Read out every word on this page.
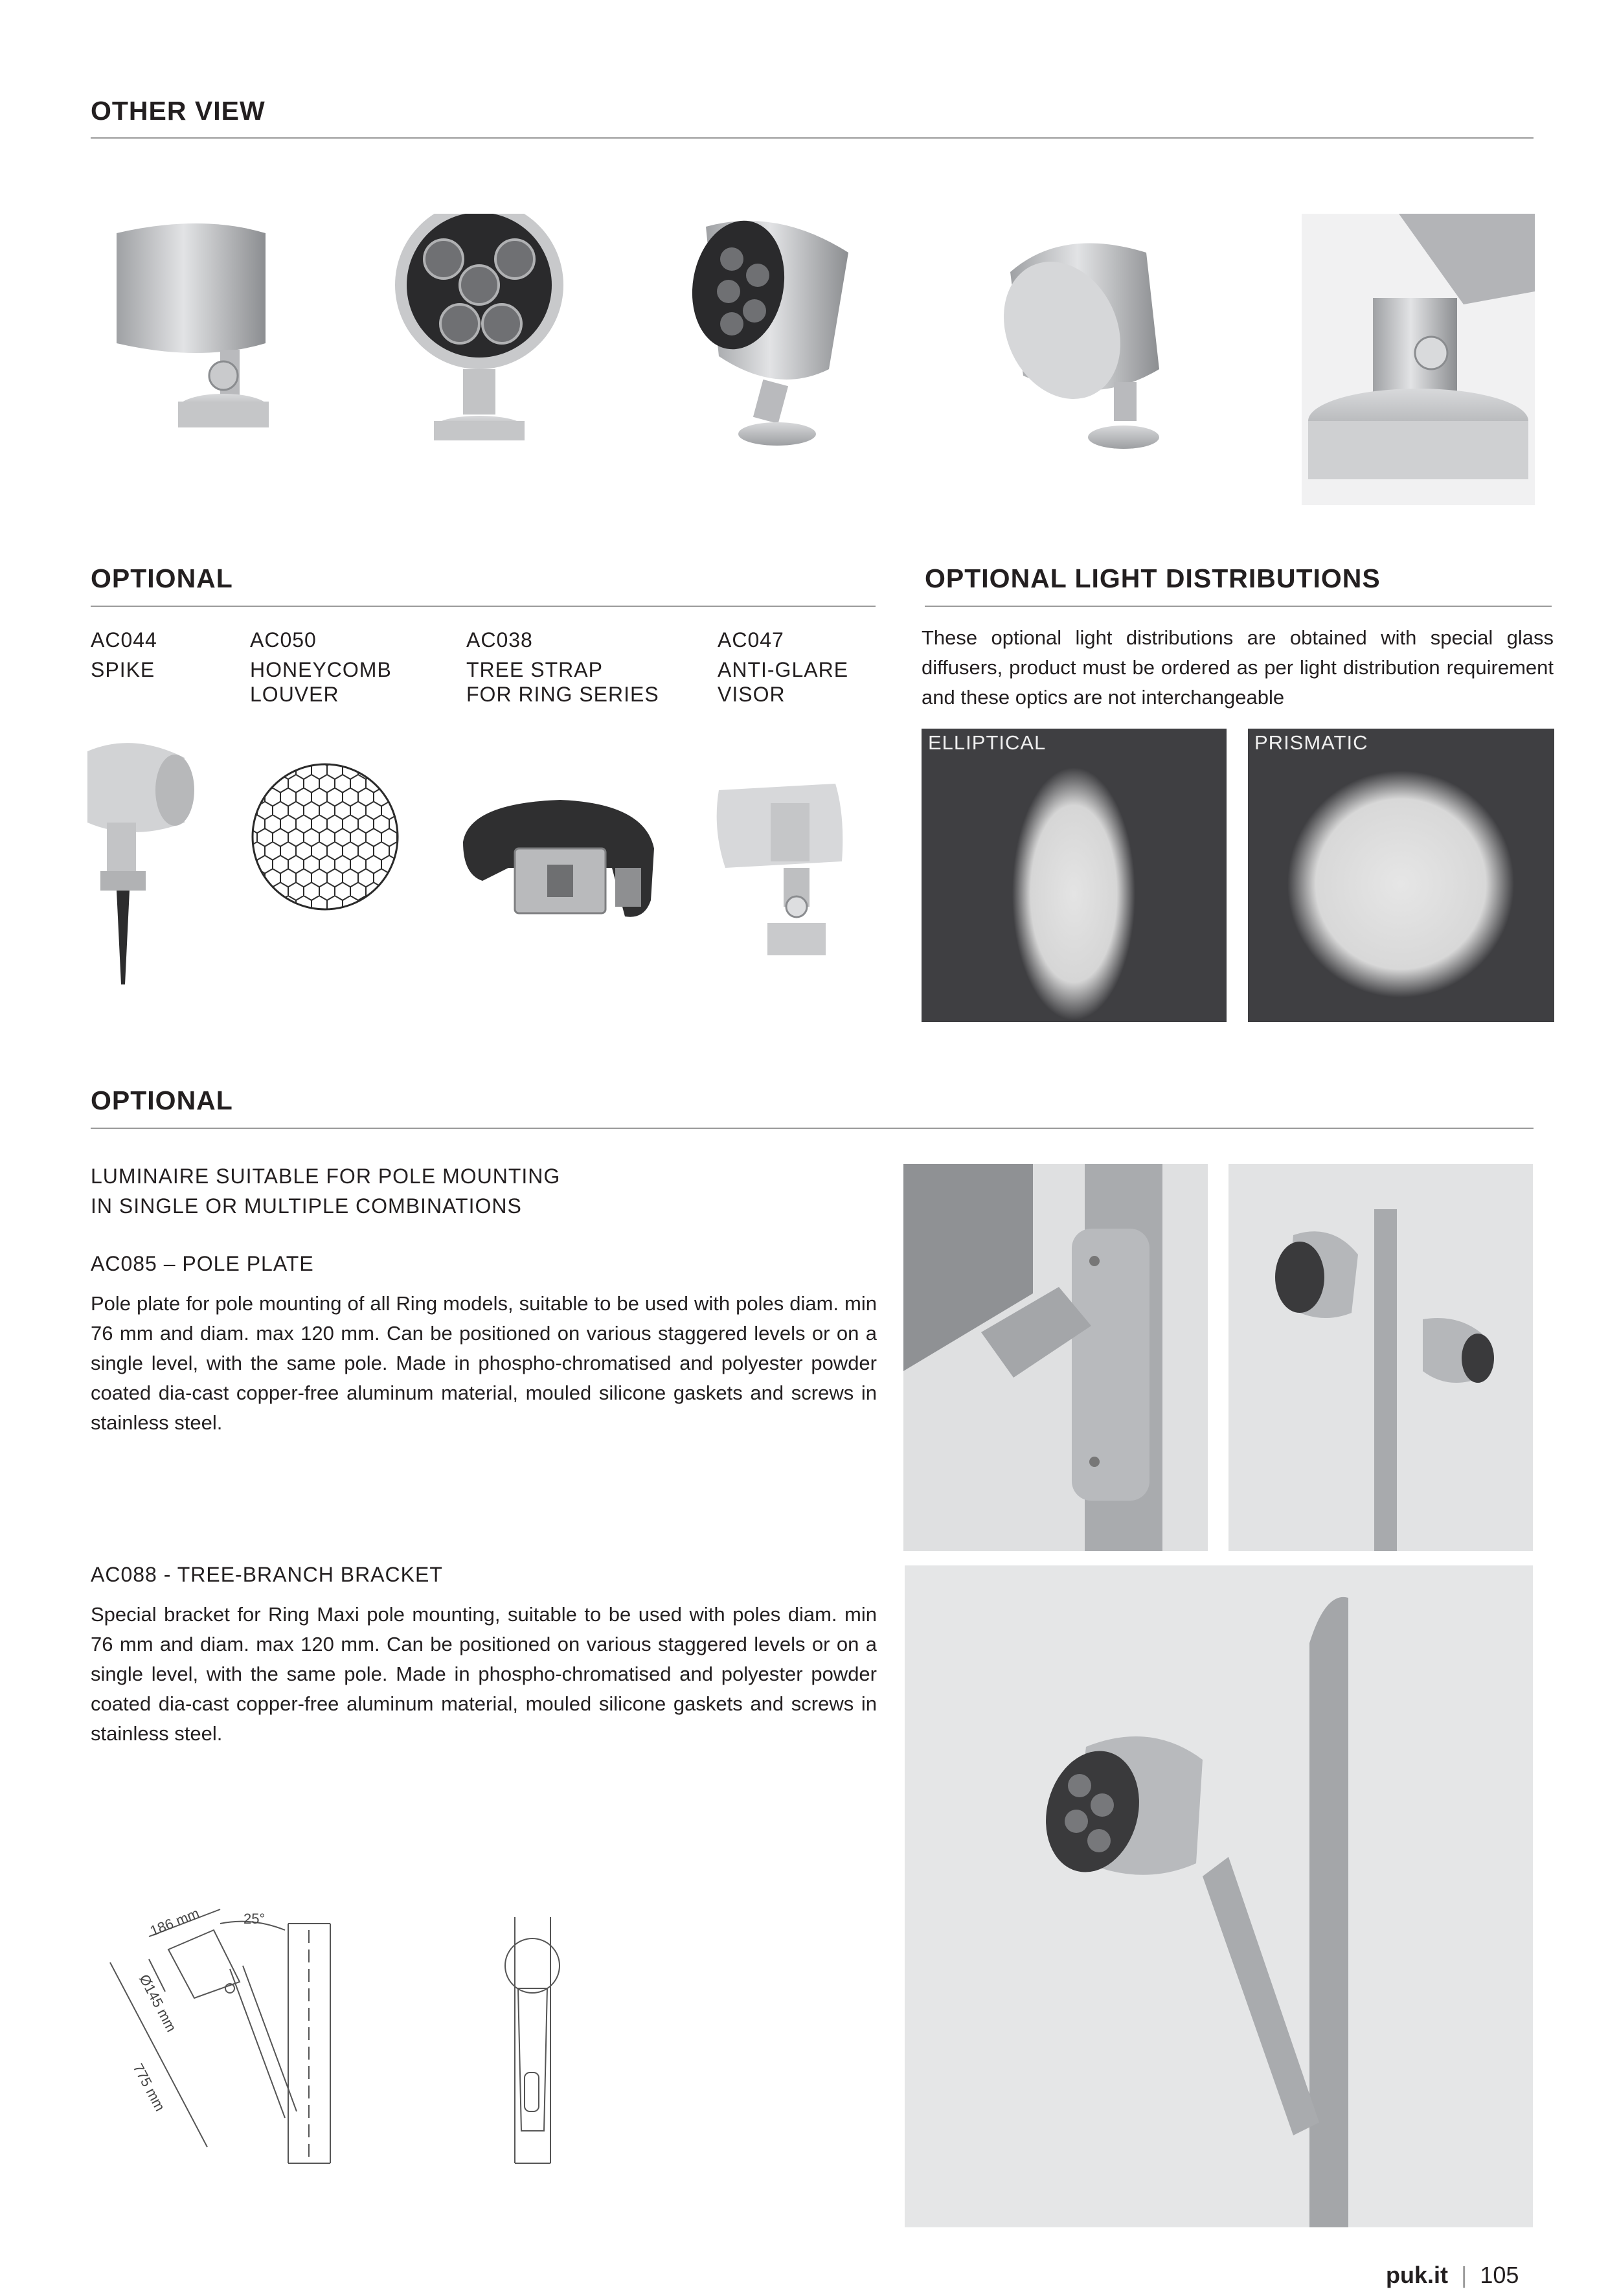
OTHER VIEW
OPTIONAL
AC044
SPIKE
AC050
HONEYCOMB
LOUVER
AC038
TREE STRAP
FOR RING SERIES
AC047
ANTI-GLARE
VISOR
OPTIONAL LIGHT DISTRIBUTIONS
These optional light distributions are obtained with special glass diffusers, product must be ordered as per light distribution requirement and these optics are not interchangeable
ELLIPTICAL	PRISMATIC
OPTIONAL
LUMINAIRE SUITABLE FOR POLE MOUNTING
IN SINGLE OR MULTIPLE COMBINATIONS
AC085 – POLE PLATE
Pole plate for pole mounting of all Ring models, suitable to be used with poles diam. min 76 mm and diam. max 120 mm. Can be positioned on various staggered levels or on a single level, with the same pole. Made in phospho-chromatised and polyester powder coated dia-cast copper-free aluminum material, mouled silicone gaskets and screws in stainless steel.
AC088 - TREE-BRANCH BRACKET
Special bracket for Ring Maxi pole mounting, suitable to be used with poles diam. min 76 mm and diam. max 120 mm. Can be positioned on various staggered levels or on a single level, with the same pole. Made in phospho-chromatised and polyester powder coated dia-cast copper-free aluminum material, mouled silicone gaskets and screws in stainless steel.
186 mm	25°
Ø145 mm
775 mm
puk.it | 105
